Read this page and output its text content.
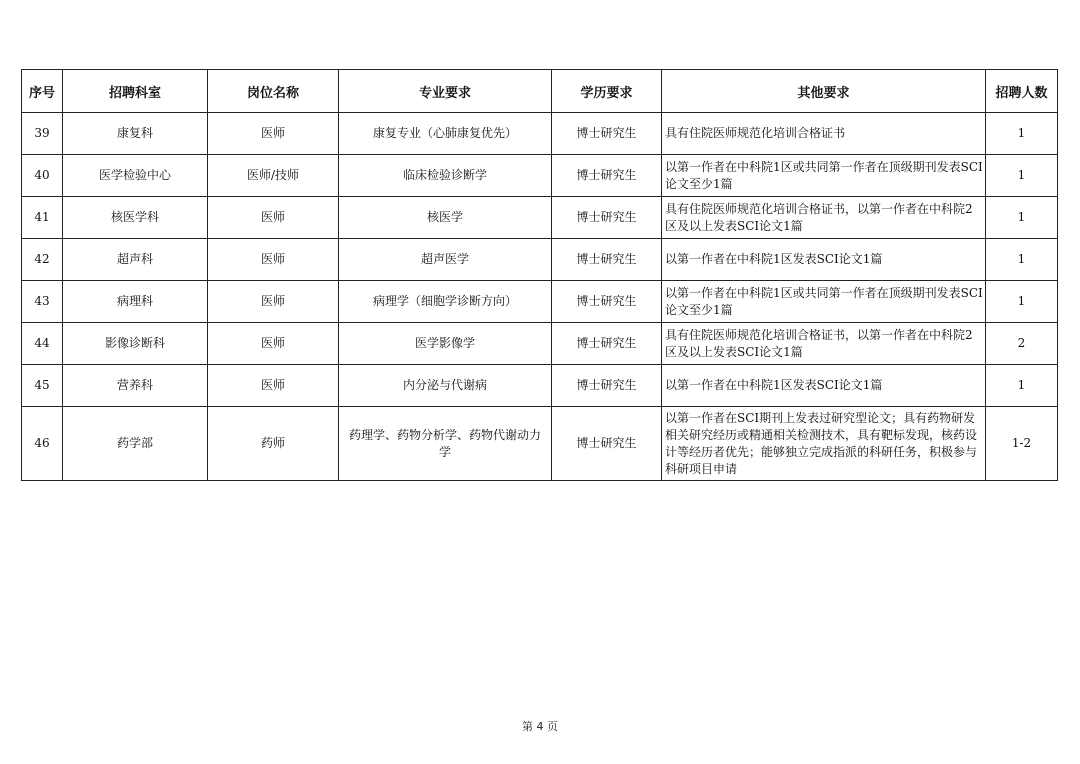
序号	招聘科室	岗位名称	专业要求	学历要求	其他要求	招聘人数
39	康复科	医师	康复专业（心肺康复优先）	博士研究生	具有住院医师规范化培训合格证书	1
40	医学检验中心	医师/技师	临床检验诊断学	博士研究生	以第一作者在中科院1区或共同第一作者在顶级期刊发表SCI论文至少1篇	1
41	核医学科	医师	核医学	博士研究生	具有住院医师规范化培训合格证书，以第一作者在中科院2区及以上发表SCI论文1篇	1
42	超声科	医师	超声医学	博士研究生	以第一作者在中科院1区发表SCI论文1篇	1
43	病理科	医师	病理学（细胞学诊断方向）	博士研究生	以第一作者在中科院1区或共同第一作者在顶级期刊发表SCI论文至少1篇	1
44	影像诊断科	医师	医学影像学	博士研究生	具有住院医师规范化培训合格证书，以第一作者在中科院2区及以上发表SCI论文1篇	2
45	营养科	医师	内分泌与代谢病	博士研究生	以第一作者在中科院1区发表SCI论文1篇	1
46	药学部	药师	药理学、药物分析学、药物代谢动力学	博士研究生	以第一作者在SCI期刊上发表过研究型论文；具有药物研发相关研究经历或精通相关检测技术，具有靶标发现，核药设计等经历者优先；能够独立完成指派的科研任务，积极参与科研项目申请	1-2
第 4 页
